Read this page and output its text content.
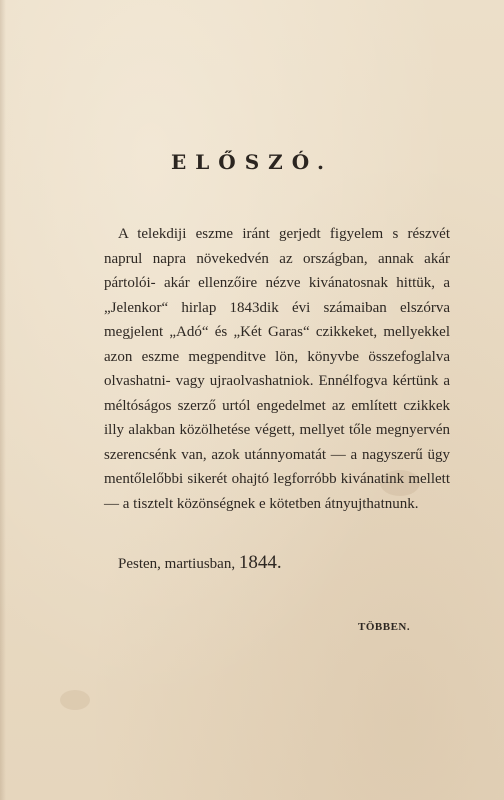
ELŐSZÓ.
A telekdiji eszme iránt gerjedt figyelem s részvét naprul napra növekedvén az országban, annak akár pártolói- akár ellenzőire nézve kivánatosnak hittük, a „Jelenkor“ hirlap 1843dik évi számaiban elszórva megjelent „Adó“ és „Két Garas“ czikkeket, mellyekkel azon eszme megpenditve lön, könyvbe összefoglalva olvashatni- vagy ujraolvashatniok. Ennélfogva kértünk a méltóságos szerző urtól engedelmet az említett czikkek illy alakban közölhetése végett, mellyet tőle megnyervén szerencsénk van, azok utánnyomatát — a nagyszerű ügy mentőlelőbbi sikerét ohajtó legforróbb kivánatink mellett — a tisztelt közönségnek e kötetben átnyujthatnunk.
Pesten, martiusban, 1844.
TÖBBEN.
